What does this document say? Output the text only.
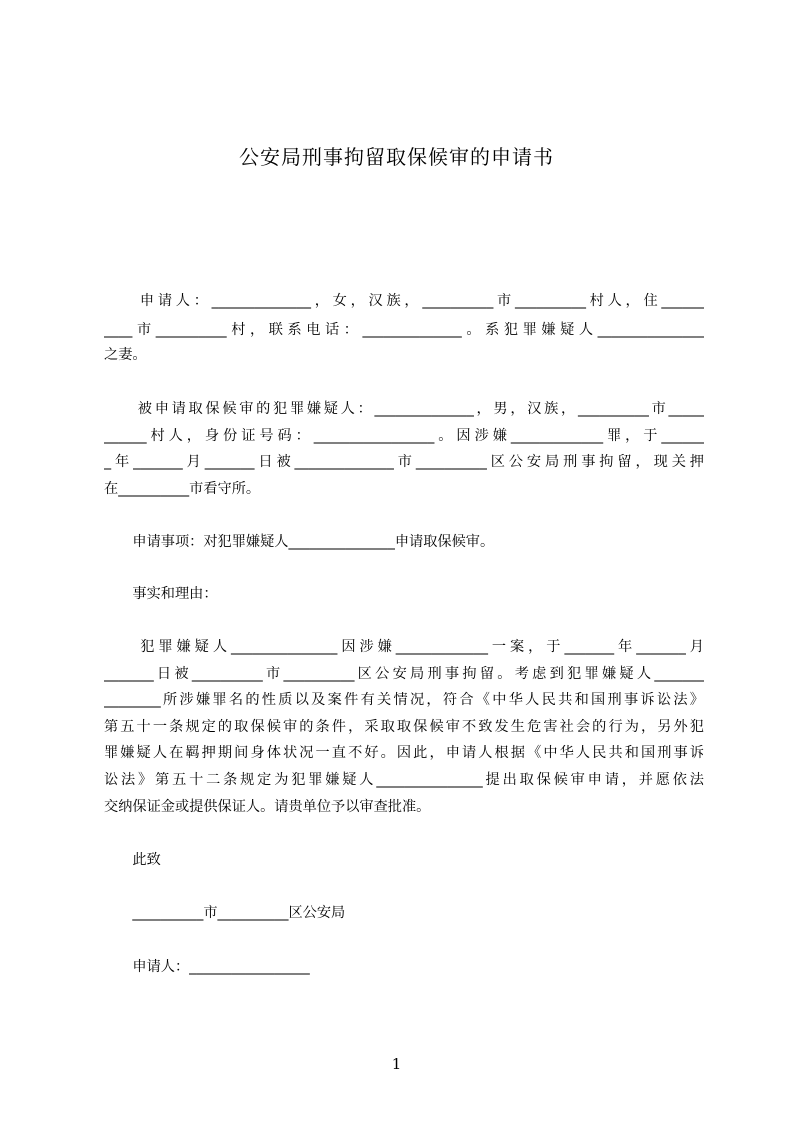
公安局刑事拘留取保候审的申请书
　　申请人：______________，女，汉族，__________市__________村人，住______
____市__________村，联系电话：______________。系犯罪嫌疑人_______________
之妻。
　　被申请取保候审的犯罪嫌疑人：______________，男，汉族，__________市_____
______村人，身份证号码：_________________。因涉嫌_____________罪，于______
_年_______月_______日被______________市__________区公安局刑事拘留，现关押
在__________市看守所。
　　申请事项：对犯罪嫌疑人_______________申请取保候审。
　　事实和理由：
　　犯罪嫌疑人_______________因涉嫌_____________一案，于_______年_______月
_______日被__________市__________区公安局刑事拘留。考虑到犯罪嫌疑人_______
________所涉嫌罪名的性质以及案件有关情况，符合《中华人民共和国刑事诉讼法》
第五十一条规定的取保候审的条件，采取取保候审不致发生危害社会的行为，另外犯
罪嫌疑人在羁押期间身体状况一直不好。因此，申请人根据《中华人民共和国刑事诉
讼法》第五十二条规定为犯罪嫌疑人_______________提出取保候审申请，并愿依法
交纳保证金或提供保证人。请贵单位予以审查批准。
　　此致
　　__________市__________区公安局
　　申请人：_________________
1
